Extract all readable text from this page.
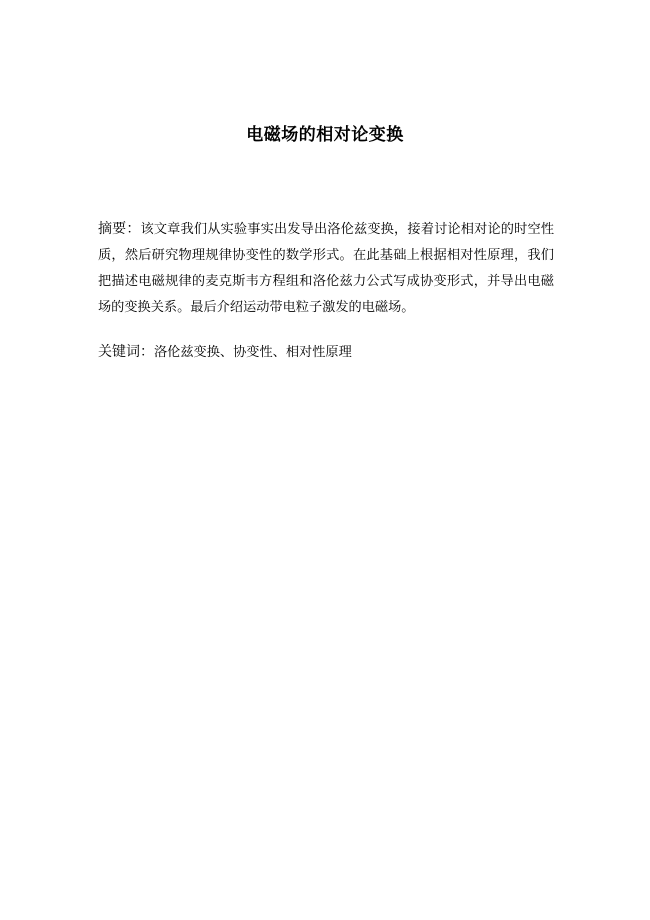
电磁场的相对论变换
摘要：该文章我们从实验事实出发导出洛伦兹变换，接着讨论相对论的时空性质，然后研究物理规律协变性的数学形式。在此基础上根据相对性原理，我们把描述电磁规律的麦克斯韦方程组和洛伦兹力公式写成协变形式，并导出电磁场的变换关系。最后介绍运动带电粒子激发的电磁场。
关键词：洛伦兹变换、协变性、相对性原理
